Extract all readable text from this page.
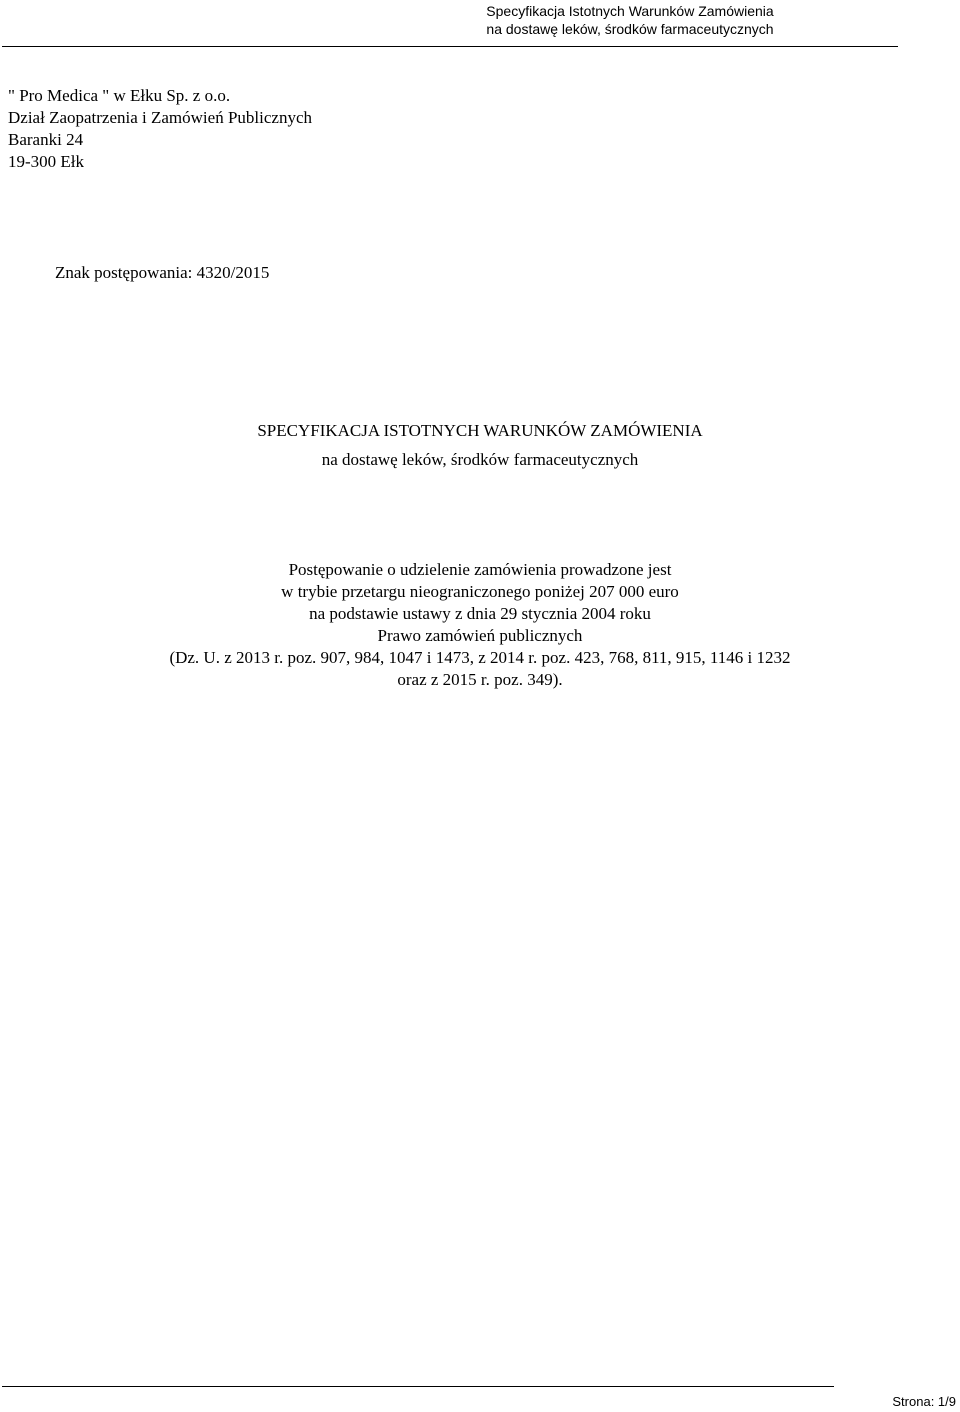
Specyfikacja Istotnych Warunków Zamówienia
na dostawę leków, środków farmaceutycznych
" Pro Medica " w Ełku Sp. z o.o.
Dział Zaopatrzenia i Zamówień Publicznych
Baranki 24
19-300 Ełk
Znak postępowania: 4320/2015
SPECYFIKACJA ISTOTNYCH WARUNKÓW ZAMÓWIENIA
na dostawę leków, środków farmaceutycznych
Postępowanie o udzielenie zamówienia prowadzone jest
w trybie przetargu nieograniczonego poniżej 207 000 euro
na podstawie ustawy z dnia 29 stycznia 2004 roku
Prawo zamówień publicznych
(Dz. U. z 2013 r. poz. 907, 984, 1047 i 1473, z 2014 r. poz. 423, 768, 811, 915, 1146 i 1232
oraz z 2015 r. poz. 349).
Strona: 1/9
